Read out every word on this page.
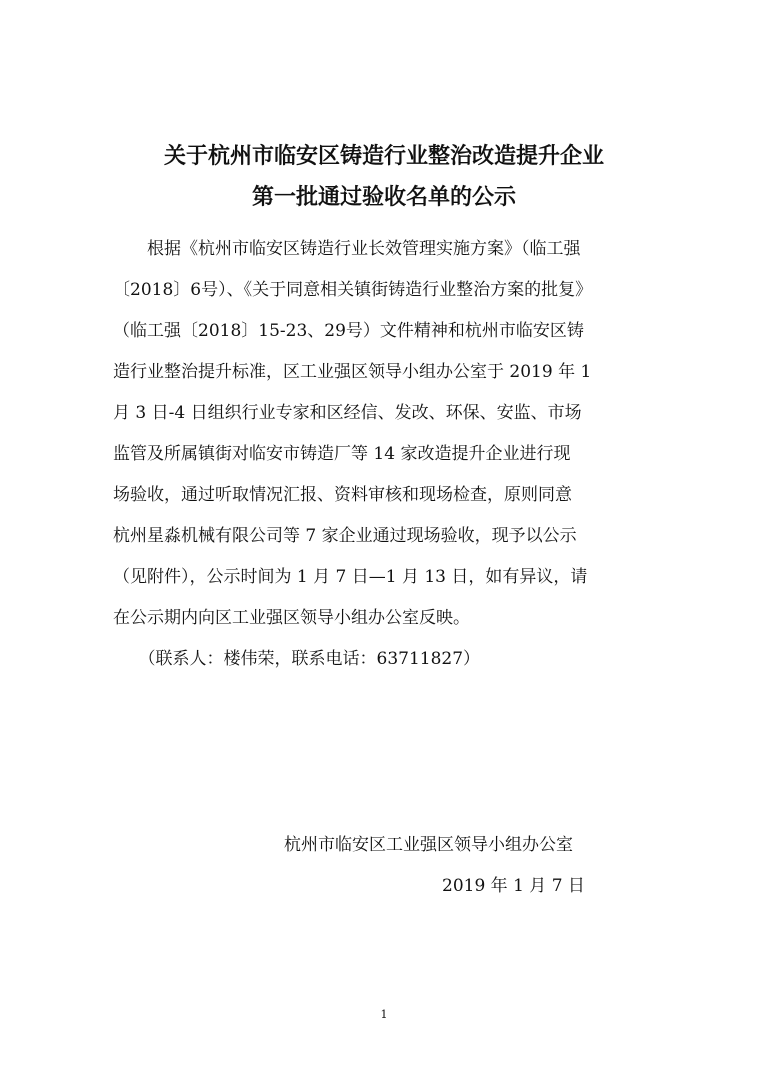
关于杭州市临安区铸造行业整治改造提升企业
第一批通过验收名单的公示
　　根据《杭州市临安区铸造行业长效管理实施方案》（临工强
〔2018〕6号）、《关于同意相关镇街铸造行业整治方案的批复》
（临工强〔2018〕15-23、29号）文件精神和杭州市临安区铸
造行业整治提升标准，区工业强区领导小组办公室于 2019 年 1
月 3 日-4 日组织行业专家和区经信、发改、环保、安监、市场
监管及所属镇街对临安市铸造厂等 14 家改造提升企业进行现
场验收，通过听取情况汇报、资料审核和现场检查，原则同意
杭州星淼机械有限公司等 7 家企业通过现场验收，现予以公示
（见附件），公示时间为 1 月 7 日—1 月 13 日，如有异议，请
在公示期内向区工业强区领导小组办公室反映。
　　（联系人：楼伟荣，联系电话：63711827）
杭州市临安区工业强区领导小组办公室
2019 年 1 月 7 日
1
